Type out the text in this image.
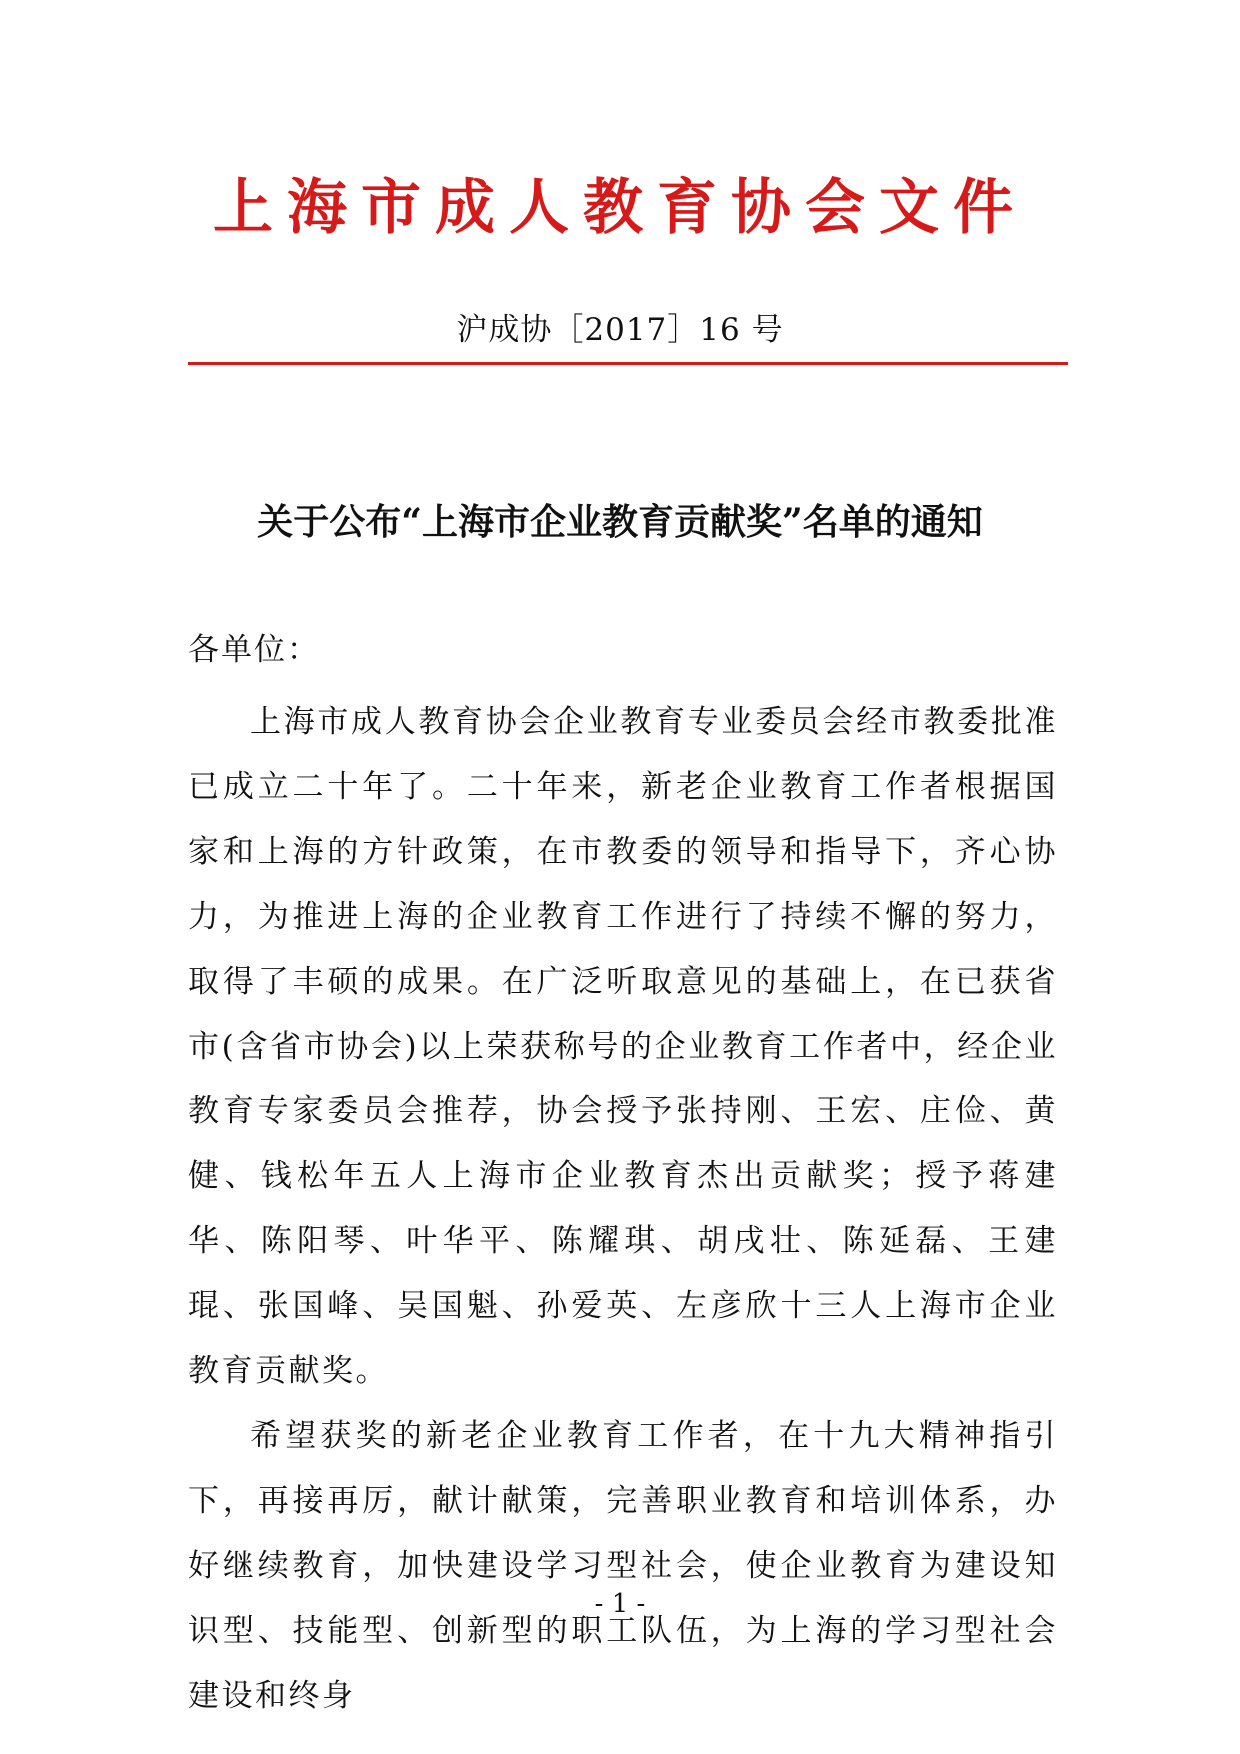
上海市成人教育协会文件
沪成协［2017］16 号
关于公布“上海市企业教育贡献奖”名单的通知
各单位：

上海市成人教育协会企业教育专业委员会经市教委批准已成立二十年了。二十年来，新老企业教育工作者根据国家和上海的方针政策，在市教委的领导和指导下，齐心协力，为推进上海的企业教育工作进行了持续不懈的努力，取得了丰硕的成果。在广泛听取意见的基础上，在已获省市(含省市协会)以上荣获称号的企业教育工作者中，经企业教育专家委员会推荐，协会授予张持刚、王宏、庄俭、黄健、钱松年五人上海市企业教育杰出贡献奖；授予蒋建华、陈阳琴、叶华平、陈耀琪、胡戌壮、陈延磊、王建琨、张国峰、吴国魁、孙爱英、左彦欣十三人上海市企业教育贡献奖。

希望获奖的新老企业教育工作者，在十九大精神指引下，再接再厉，献计献策，完善职业教育和培训体系，办好继续教育，加快建设学习型社会，使企业教育为建设知识型、技能型、创新型的职工队伍，为上海的学习型社会建设和终身

- 1 -
